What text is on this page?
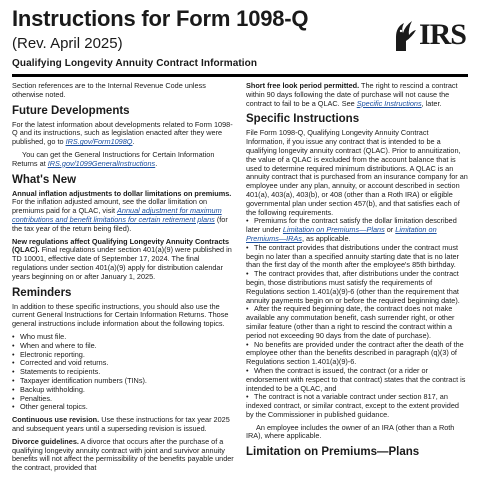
Instructions for Form 1098-Q
(Rev. April 2025)
Qualifying Longevity Annuity Contract Information
IRS

Section references are to the Internal Revenue Code unless otherwise noted.

Future Developments

For the latest information about developments related to Form 1098-Q and its instructions, such as legislation enacted after they were published, go to IRS.gov/Form1098Q.

You can get the General Instructions for Certain Information Returns at IRS.gov/1099GeneralInstructions.

What's New

Annual inflation adjustments to dollar limitations on premiums. For the inflation adjusted amount, see the dollar limitation on premiums paid for a QLAC, visit Annual adjustment for maximum contributions and benefit limitations for certain retirement plans (for the tax year of the return being filed).

New regulations affect Qualifying Longevity Annuity Contracts (QLAC). Final regulations under section 401(a)(9) were published in TD 10001, effective date of September 17, 2024. The final regulations under section 401(a)(9) apply for distribution calendar years beginning on or after January 1, 2025.

Reminders

In addition to these specific instructions, you should also use the current General Instructions for Certain Information Returns. Those general instructions include information about the following topics.

• Who must file.
• When and where to file.
• Electronic reporting.
• Corrected and void returns.
• Statements to recipients.
• Taxpayer identification numbers (TINs).
• Backup withholding.
• Penalties.
• Other general topics.

Continuous use revision. Use these instructions for tax year 2025 and subsequent years until a superseding revision is issued.

Divorce guidelines. A divorce that occurs after the purchase of a qualifying longevity annuity contract with joint and survivor annuity benefits will not affect the permissibility of the benefits payable under the contract, provided that

Short free look period permitted. The right to rescind a contract within 90 days following the date of purchase will not cause the contract to fail to be a QLAC. See Specific Instructions, later.

Specific Instructions

File Form 1098-Q, Qualifying Longevity Annuity Contract Information, if you issue any contract that is intended to be a qualifying longevity annuity contract (QLAC). Prior to annuitization, the value of a QLAC is excluded from the account balance that is used to determine required minimum distributions. A QLAC is an annuity contract that is purchased from an insurance company for an employee under any plan, annuity, or account described in section 401(a), 403(a), 403(b), or 408 (other than a Roth IRA) or eligible governmental plan under section 457(b), and that satisfies each of the following requirements.

• Premiums for the contract satisfy the dollar limitation described later under Limitation on Premiums—Plans or Limitation on Premiums—IRAs, as applicable.

• The contract provides that distributions under the contract must begin no later than a specified annuity starting date that is no later than the first day of the month after the employee's 85th birthday.

• The contract provides that, after distributions under the contract begin, those distributions must satisfy the requirements of Regulations section 1.401(a)(9)-6 (other than the requirement that annuity payments begin on or before the required beginning date).

• After the required beginning date, the contract does not make available any commutation benefit, cash surrender right, or other similar feature (other than a right to rescind the contract within a period not exceeding 90 days from the date of purchase).

• No benefits are provided under the contract after the death of the employee other than the benefits described in paragraph (q)(3) of Regulations section 1.401(a)(9)-6.

• When the contract is issued, the contract (or a rider or endorsement with respect to that contract) states that the contract is intended to be a QLAC, and

• The contract is not a variable contract under section 817, an indexed contract, or similar contract, except to the extent provided by the Commissioner in published guidance.

An employee includes the owner of an IRA (other than a Roth IRA), where applicable.

Limitation on Premiums—Plans
